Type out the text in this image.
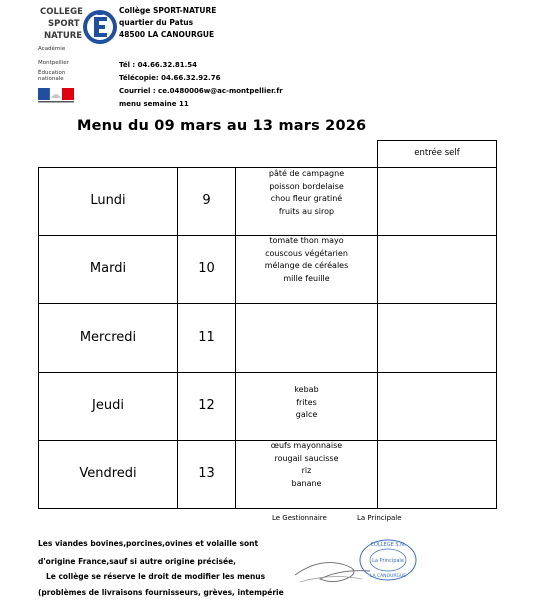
COLLEGE
SPORT
NATURE
Académie
Montpellier
Éducation
nationale
Collège SPORT-NATURE
quartier du Patus
48500 LA CANOURGUE
Tél : 04.66.32.81.54
Télécopie: 04.66.32.92.76
Courriel : ce.0480006w@ac-montpellier.fr
menu semaine 11
Menu du 09 mars au 13 mars 2026
entrée self
Lundi	9
pâté de campagne
poisson bordelaise
chou fleur gratiné
fruits au sirop
Mardi	10
tomate thon mayo
couscous végétarien
mélange de céréales
mille feuille
Mercredi	11
Jeudi	12
kebab
frites
galce
Vendredi	13
œufs mayonnaise
rougail saucisse
riz
banane
Le Gestionnaire	La Principale
Les viandes bovines,porcines,ovines et volaille sont
d'origine France,sauf si autre origine précisée,
Le collège se réserve le droit de modifier les menus
(problèmes de livraisons fournisseurs, grèves, intempérie
COLLEGE S.N.
La Principale
LA CANOURGUE
